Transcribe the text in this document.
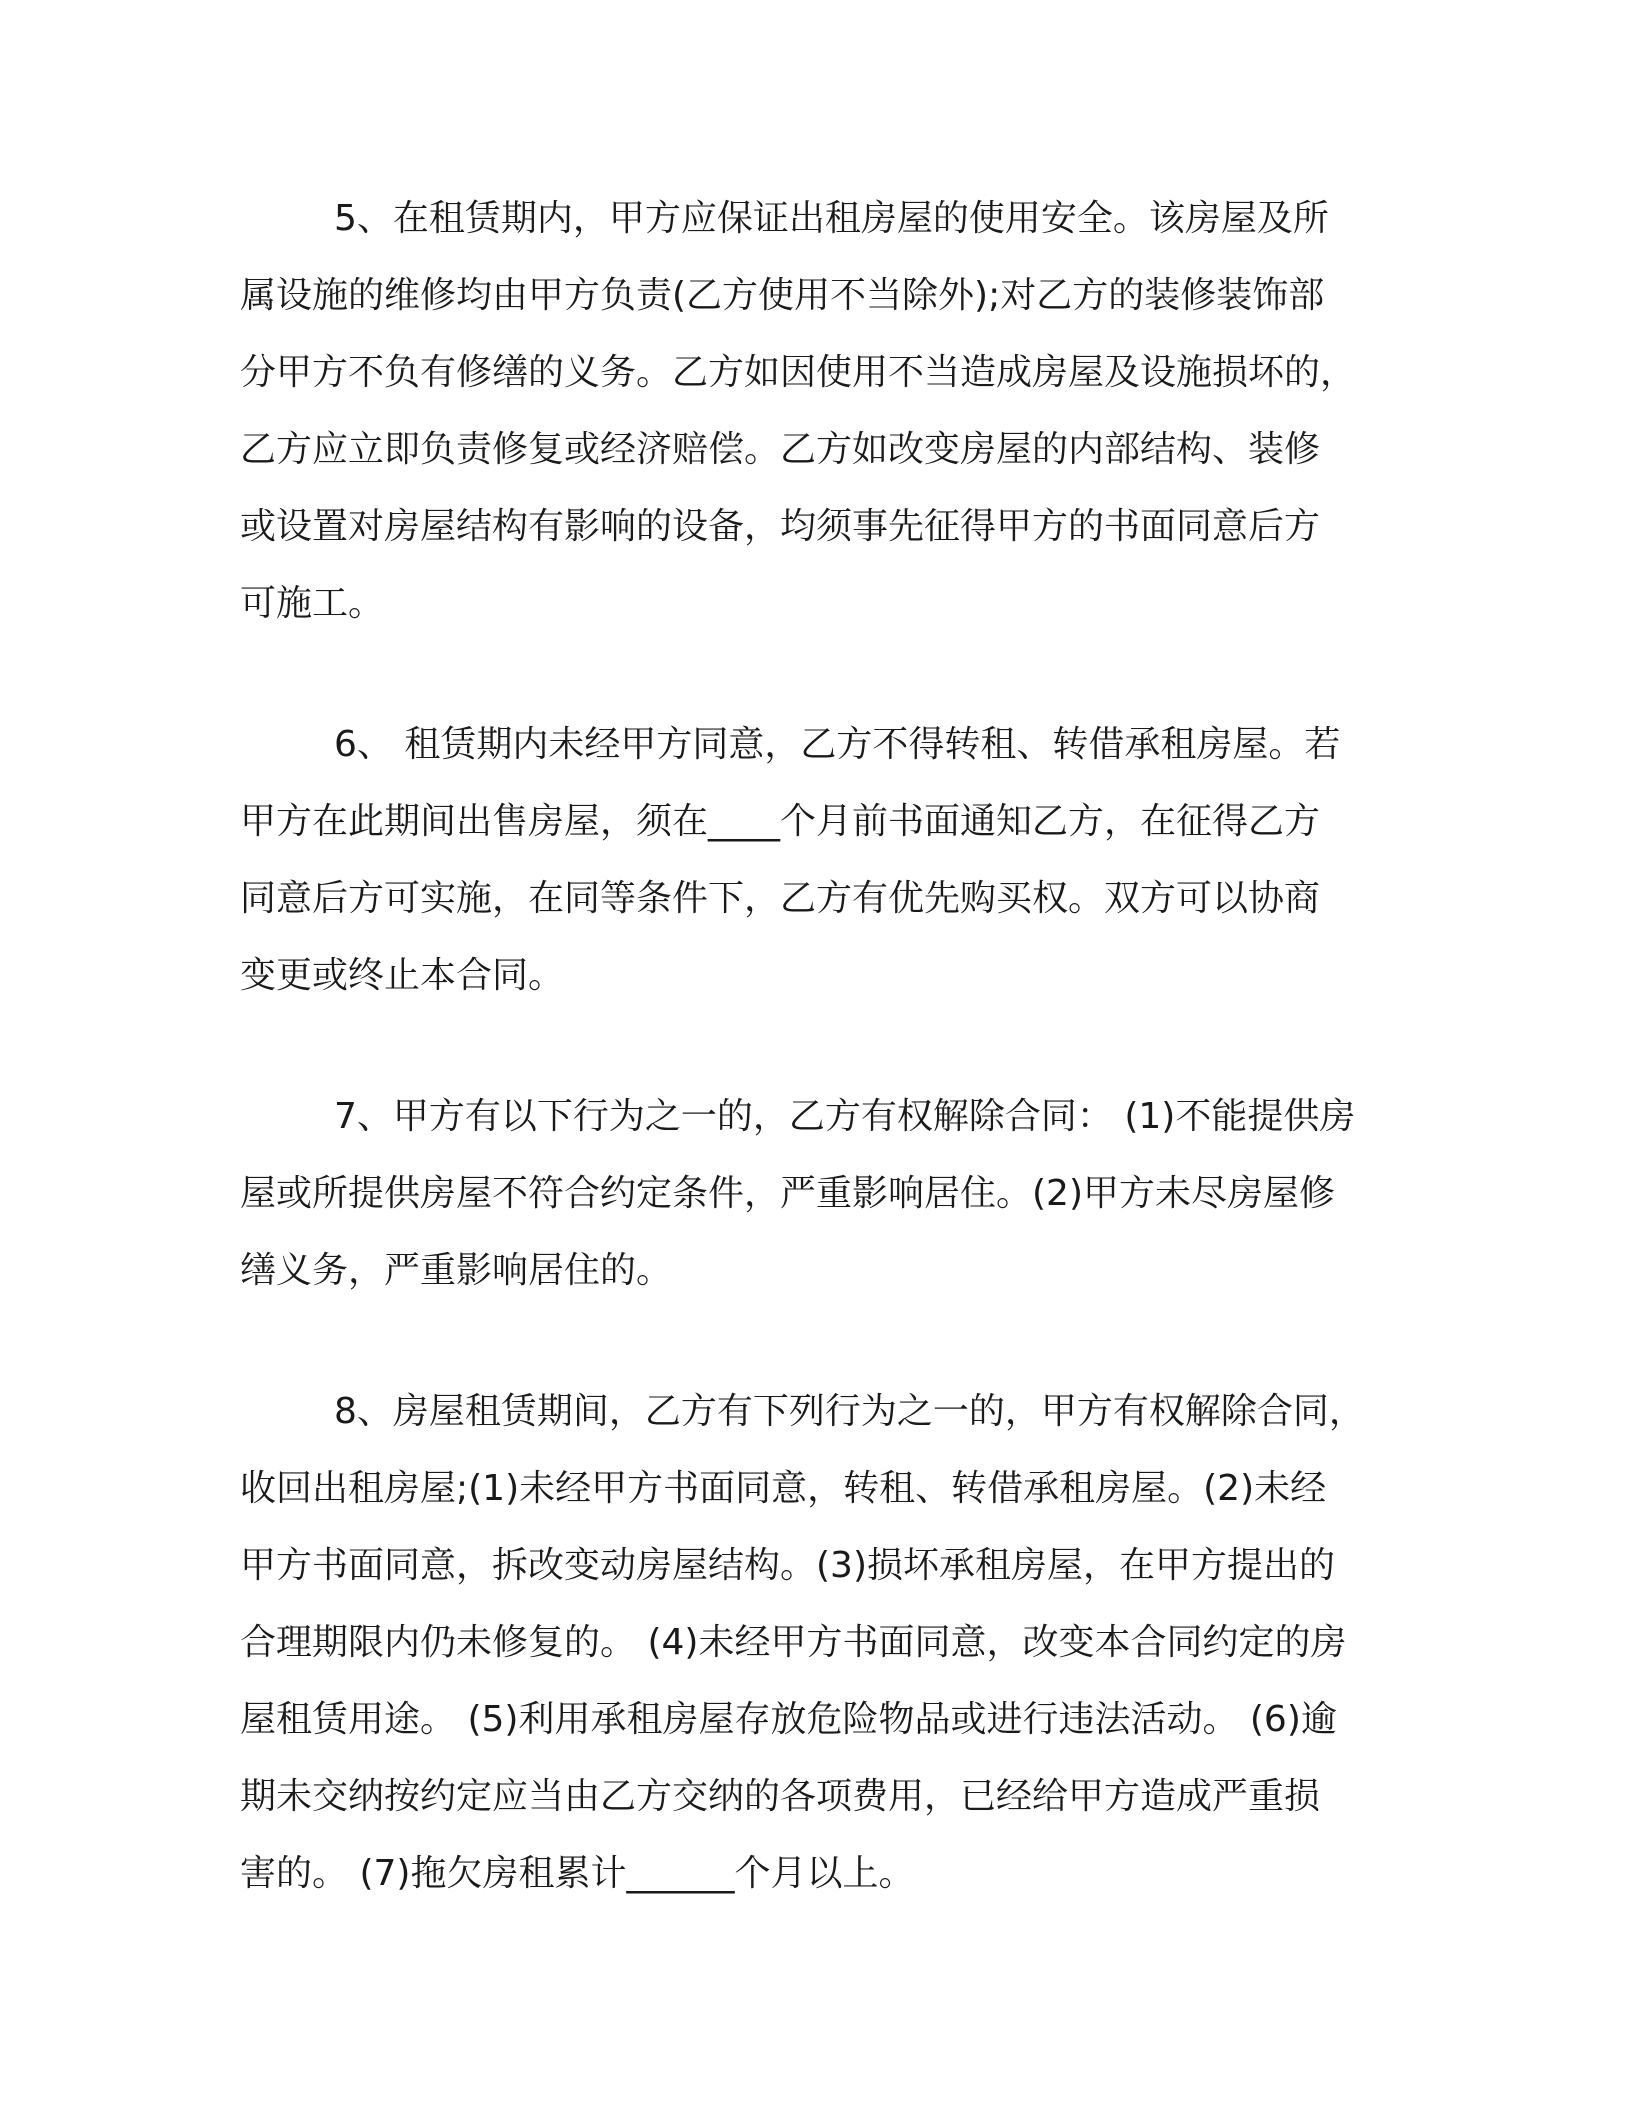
5、在租赁期内，甲方应保证出租房屋的使用安全。该房屋及所
属设施的维修均由甲方负责(乙方使用不当除外);对乙方的装修装饰部
分甲方不负有修缮的义务。乙方如因使用不当造成房屋及设施损坏的，
乙方应立即负责修复或经济赔偿。乙方如改变房屋的内部结构、装修
或设置对房屋结构有影响的设备，均须事先征得甲方的书面同意后方
可施工。
6、 租赁期内未经甲方同意，乙方不得转租、转借承租房屋。若
甲方在此期间出售房屋，须在____个月前书面通知乙方，在征得乙方
同意后方可实施，在同等条件下，乙方有优先购买权。双方可以协商
变更或终止本合同。
7、甲方有以下行为之一的，乙方有权解除合同： (1)不能提供房
屋或所提供房屋不符合约定条件，严重影响居住。(2)甲方未尽房屋修
缮义务，严重影响居住的。
8、房屋租赁期间，乙方有下列行为之一的，甲方有权解除合同，
收回出租房屋;(1)未经甲方书面同意，转租、转借承租房屋。(2)未经
甲方书面同意，拆改变动房屋结构。(3)损坏承租房屋，在甲方提出的
合理期限内仍未修复的。 (4)未经甲方书面同意，改变本合同约定的房
屋租赁用途。 (5)利用承租房屋存放危险物品或进行违法活动。 (6)逾
期未交纳按约定应当由乙方交纳的各项费用，已经给甲方造成严重损
害的。 (7)拖欠房租累计______个月以上。
